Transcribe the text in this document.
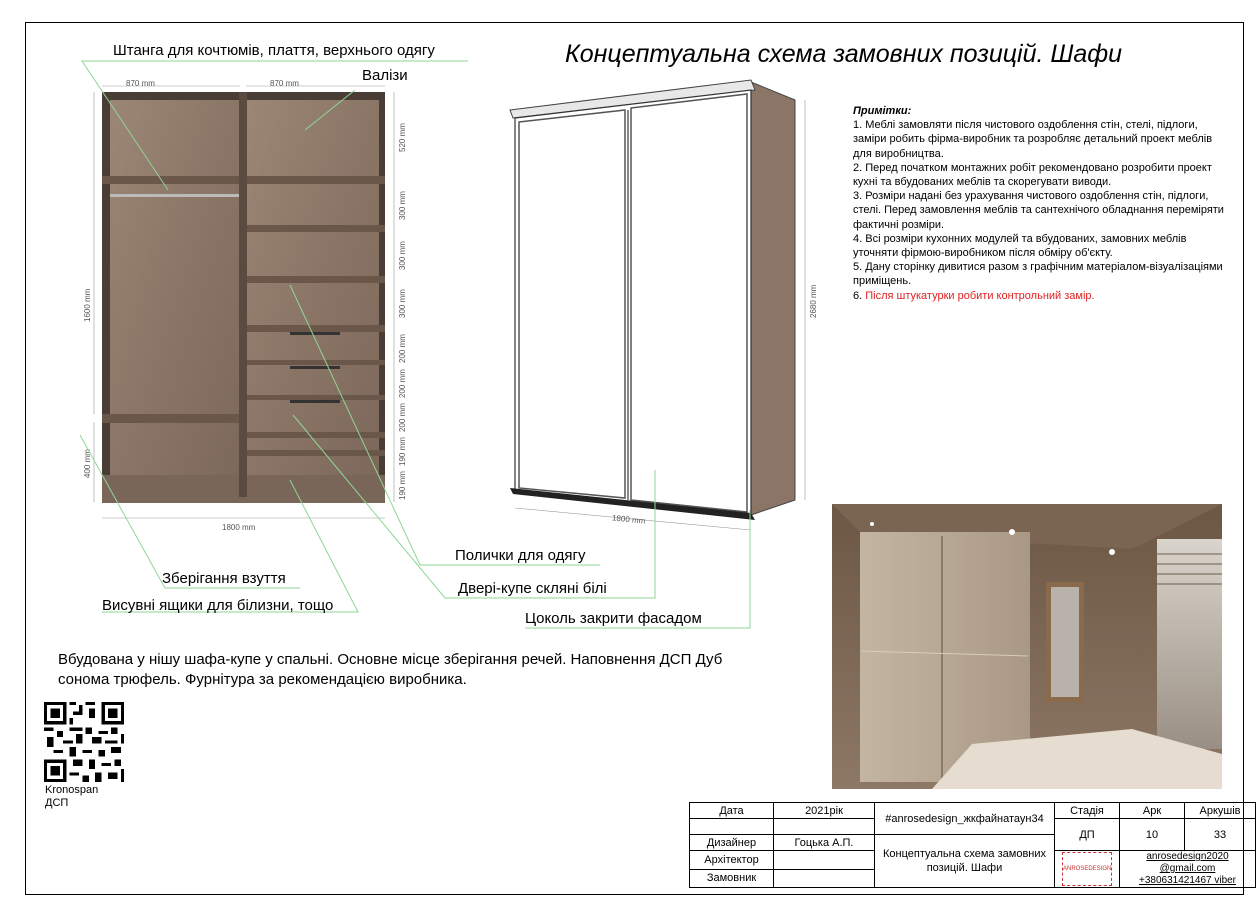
Концептуальна схема замовних позицій. Шафи
870 mm	870 mm
1800 mm
1600 mm
400 mm
520 mm
300 mm
300 mm
300 mm
200 mm
200 mm
200 mm
190 mm
190 mm
1800 mm
2680 mm
Штанга для кочтюмів, плаття, верхнього одягу
Валізи
Полички для одягу
Двері-купе скляні білі
Цоколь закрити фасадом
Зберігання взуття
Висувні ящики для білизни, тощо
Примітки:
1. Меблі замовляти після чистового оздоблення стін, стелі, підлоги, заміри робить фірма-виробник та розробляє детальний проект меблів для виробництва.
2. Перед початком монтажних робіт рекомендовано розробити проект кухні та вбудованих меблів та скорегувати виводи.
3. Розміри надані без урахування чистового оздоблення стін, підлоги, стелі. Перед замовлення меблів та сантехнічого обладнання переміряти фактичні розміри.
4. Всі розміри кухонних модулей та вбудованих, замовних меблів уточняти фірмою-виробником після обміру об'єкту.
5. Дану сторінку дивитися разом з графічним матеріалом-візуалізаціями приміщень.
6. Після штукатурки робити контрольний замір.
Вбудована у нішу шафа-купе у спальні. Основне місце зберігання речей. Наповнення ДСП Дуб сонома трюфель. Фурнітура за рекомендацією виробника.
Kronospan
ДСП
Дата	2021рік	#anrosedesign_жкфайнатаун34	Стадія	Арк	Аркушів
			ДП	10	33
Дизайнер	Гоцька А.П.	Концептуальна схема замовних позицій. Шафи			
Архітектор			ANROSEDESIGN	anrosedesign2020
@gmail.com
+380631421467 viber	

Замовник					
